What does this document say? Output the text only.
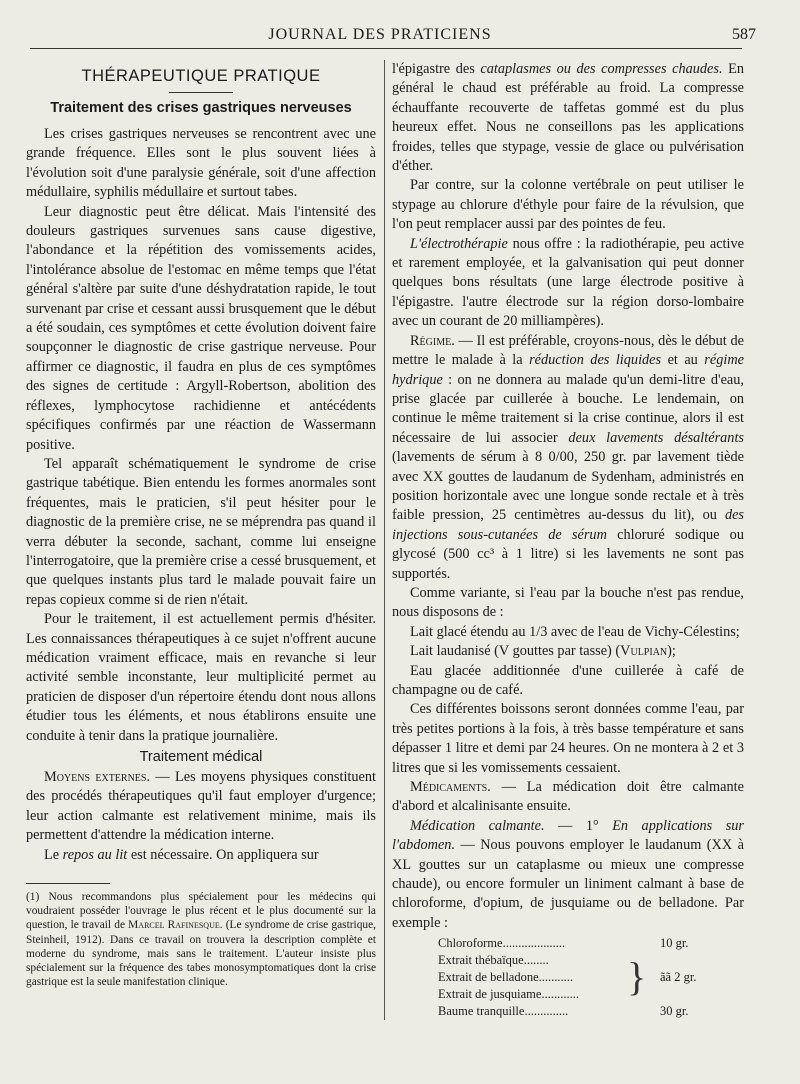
JOURNAL DES PRATICIENS	587
THÉRAPEUTIQUE PRATIQUE
Traitement des crises gastriques nerveuses

Les crises gastriques nerveuses se rencontrent avec une grande fréquence. Elles sont le plus souvent liées à l'évolution soit d'une paralysie générale, soit d'une affection médullaire, syphilis médullaire et surtout tabes.

Leur diagnostic peut être délicat. Mais l'intensité des douleurs gastriques survenues sans cause digestive, l'abondance et la répétition des vomissements acides, l'intolérance absolue de l'estomac en même temps que l'état général s'altère par suite d'une déshydratation rapide, le tout survenant par crise et cessant aussi brusquement que le début a été soudain, ces symptômes et cette évolution doivent faire soupçonner le diagnostic de crise gastrique nerveuse. Pour affirmer ce diagnostic, il faudra en plus de ces symptômes des signes de certitude : Argyll-Robertson, abolition des réflexes, lymphocytose rachidienne et antécédents spécifiques confirmés par une réaction de Wassermann positive.

Tel apparaît schématiquement le syndrome de crise gastrique tabétique. Bien entendu les formes anormales sont fréquentes, mais le praticien, s'il peut hésiter pour le diagnostic de la première crise, ne se méprendra pas quand il verra débuter la seconde, sachant, comme lui enseigne l'interrogatoire, que la première crise a cessé brusquement, et que quelques instants plus tard le malade pouvait faire un repas copieux comme si de rien n'était.

Pour le traitement, il est actuellement permis d'hésiter. Les connaissances thérapeutiques à ce sujet n'offrent aucune médication vraiment efficace, mais en revanche si leur activité semble inconstante, leur multiplicité permet au praticien de disposer d'un répertoire étendu dont nous allons étudier tous les éléments, et nous établirons ensuite une conduite à tenir dans la pratique journalière.

Traitement médical

Moyens externes. — Les moyens physiques constituent des procédés thérapeutiques qu'il faut employer d'urgence; leur action calmante est relativement minime, mais ils permettent d'attendre la médication interne.

Le repos au lit est nécessaire. On appliquera sur

(1) Nous recommandons plus spécialement pour les médecins qui voudraient posséder l'ouvrage le plus récent et le plus documenté sur la question, le travail de Marcel Rafinesque. (Le syndrome de crise gastrique, Steinheil, 1912). Dans ce travail on trouvera la description complète et moderne du syndrome, mais sans le traitement. L'auteur insiste plus spécialement sur la fréquence des tabes monosymptomatiques dont la crise gastrique est la seule manifestation clinique.

l'épigastre des cataplasmes ou des compresses chaudes. En général le chaud est préférable au froid. La compresse échauffante recouverte de taffetas gommé est du plus heureux effet. Nous ne conseillons pas les applications froides, telles que stypage, vessie de glace ou pulvérisation d'éther.

Par contre, sur la colonne vertébrale on peut utiliser le stypage au chlorure d'éthyle pour faire de la révulsion, que l'on peut remplacer aussi par des pointes de feu.

L'électrothérapie nous offre : la radiothérapie, peu active et rarement employée, et la galvanisation qui peut donner quelques bons résultats (une large électrode positive à l'épigastre. l'autre électrode sur la région dorso-lombaire avec un courant de 20 milliampères).

Régime. — Il est préférable, croyons-nous, dès le début de mettre le malade à la réduction des liquides et au régime hydrique : on ne donnera au malade qu'un demi-litre d'eau, prise glacée par cuillerée à bouche. Le lendemain, on continue le même traitement si la crise continue, alors il est nécessaire de lui associer deux lavements désaltérants (lavements de sérum à 8 0/00, 250 gr. par lavement tiède avec XX gouttes de laudanum de Sydenham, administrés en position horizontale avec une longue sonde rectale et à très faible pression, 25 centimètres au-dessus du lit), ou des injections sous-cutanées de sérum chloruré sodique ou glycosé (500 cc³ à 1 litre) si les lavements ne sont pas supportés.

Comme variante, si l'eau par la bouche n'est pas rendue, nous disposons de :

Lait glacé étendu au 1/3 avec de l'eau de Vichy-Célestins;

Lait laudanisé (V gouttes par tasse) (Vulpian);

Eau glacée additionnée d'une cuillerée à café de champagne ou de café.

Ces différentes boissons seront données comme l'eau, par très petites portions à la fois, à très basse température et sans dépasser 1 litre et demi par 24 heures. On ne montera à 2 et 3 litres que si les vomissements cessaient.

Médicaments. — La médication doit être calmante d'abord et alcalinisante ensuite.

Médication calmante. — 1° En applications sur l'abdomen. — Nous pouvons employer le laudanum (XX à XL gouttes sur un cataplasme ou mieux une compresse chaude), ou encore formuler un liniment calmant à base de chloroforme, d'opium, de jusquiame ou de belladone. Par exemple :

Chloroforme....................	10 gr.
Extrait thébaïque........
Extrait de belladone...........	ãã 2 gr.
Extrait de jusquiame............
Baume tranquille..............	30 gr.
}
